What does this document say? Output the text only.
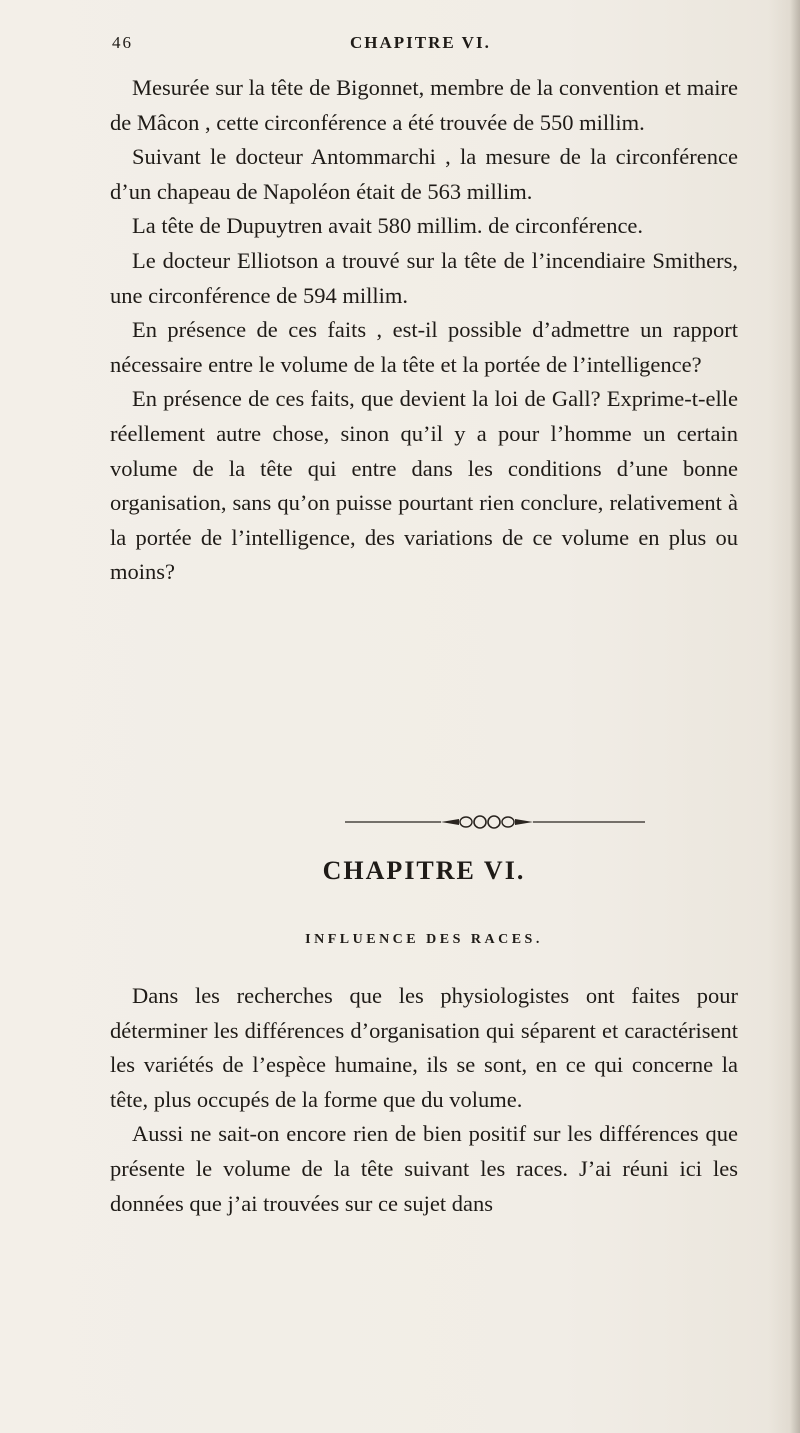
46	CHAPITRE VI.

Mesurée sur la tête de Bigonnet, membre de la convention et maire de Mâcon , cette circonférence a été trouvée de 550 millim.

Suivant le docteur Antommarchi , la mesure de la circonférence d’un chapeau de Napoléon était de 563 millim.

La tête de Dupuytren avait 580 millim. de circonférence.

Le docteur Elliotson a trouvé sur la tête de l’incendiaire Smithers, une circonférence de 594 millim.

En présence de ces faits , est-il possible d’admettre un rapport nécessaire entre le volume de la tête et la portée de l’intelligence?

En présence de ces faits, que devient la loi de Gall? Exprime-t-elle réellement autre chose, sinon qu’il y a pour l’homme un certain volume de la tête qui entre dans les conditions d’une bonne organisation, sans qu’on puisse pourtant rien conclure, relativement à la portée de l’intelligence, des variations de ce volume en plus ou moins?

CHAPITRE VI.
INFLUENCE DES RACES.

Dans les recherches que les physiologistes ont faites pour déterminer les différences d’organisation qui séparent et caractérisent les variétés de l’espèce humaine, ils se sont, en ce qui concerne la tête, plus occupés de la forme que du volume.

Aussi ne sait-on encore rien de bien positif sur les différences que présente le volume de la tête suivant les races. J’ai réuni ici les données que j’ai trouvées sur ce sujet dans
